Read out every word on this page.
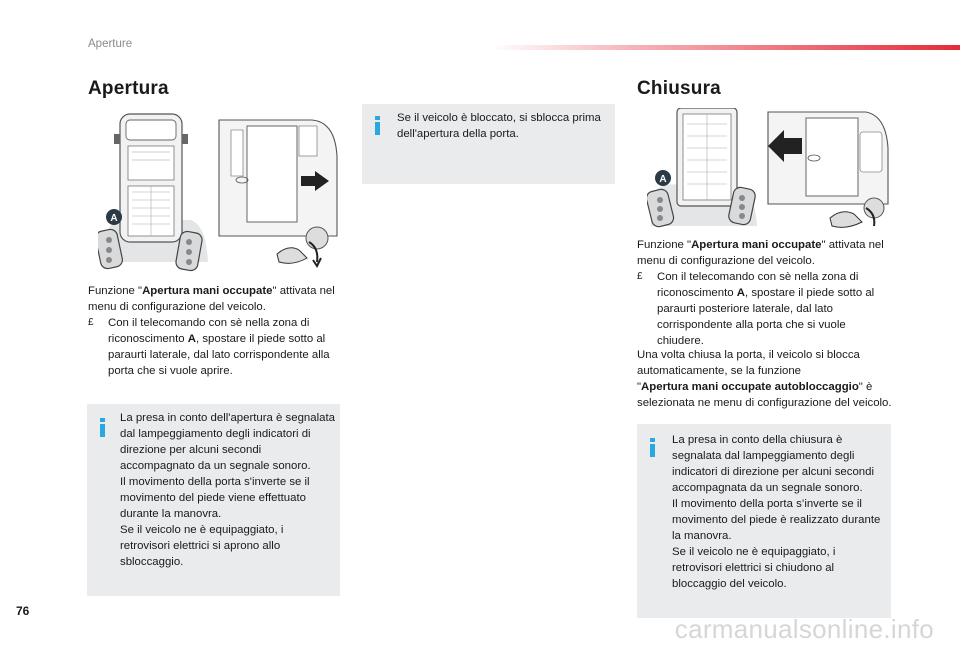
Aperture
Apertura
A
Funzione "Apertura mani occupate" attivata nel menu di configurazione del veicolo.
£	Con il telecomando con sè nella zona di riconoscimento A, spostare il piede sotto al paraurti laterale, dal lato corrispondente alla porta che si vuole aprire.
La presa in conto dell'apertura è segnalata dal lampeggiamento degli indicatori di direzione per alcuni secondi accompagnato da un segnale sonoro.
Il movimento della porta s'inverte se il movimento del piede viene effettuato durante la manovra.
Se il veicolo ne è equipaggiato, i retrovisori elettrici si aprono allo sbloccaggio.
Se il veicolo è bloccato, si sblocca prima dell'apertura della porta.
Chiusura
A
Funzione "Apertura mani occupate" attivata nel menu di configurazione del veicolo.
£	Con il telecomando con sè nella zona di riconoscimento A, spostare il piede sotto al paraurti posteriore laterale, dal lato corrispondente alla porta che si vuole chiudere.
Una volta chiusa la porta, il veicolo si blocca automaticamente, se la funzione
"Apertura mani occupate autobloccaggio" è selezionata ne menu di configurazione del veicolo.
La presa in conto della chiusura è segnalata dal lampeggiamento degli indicatori di direzione per alcuni secondi accompagnata da un segnale sonoro.
Il movimento della porta s’inverte se il movimento del piede è realizzato durante la manovra.
Se il veicolo ne è equipaggiato, i retrovisori elettrici si chiudono al bloccaggio del veicolo.
76
carmanualsonline.info
